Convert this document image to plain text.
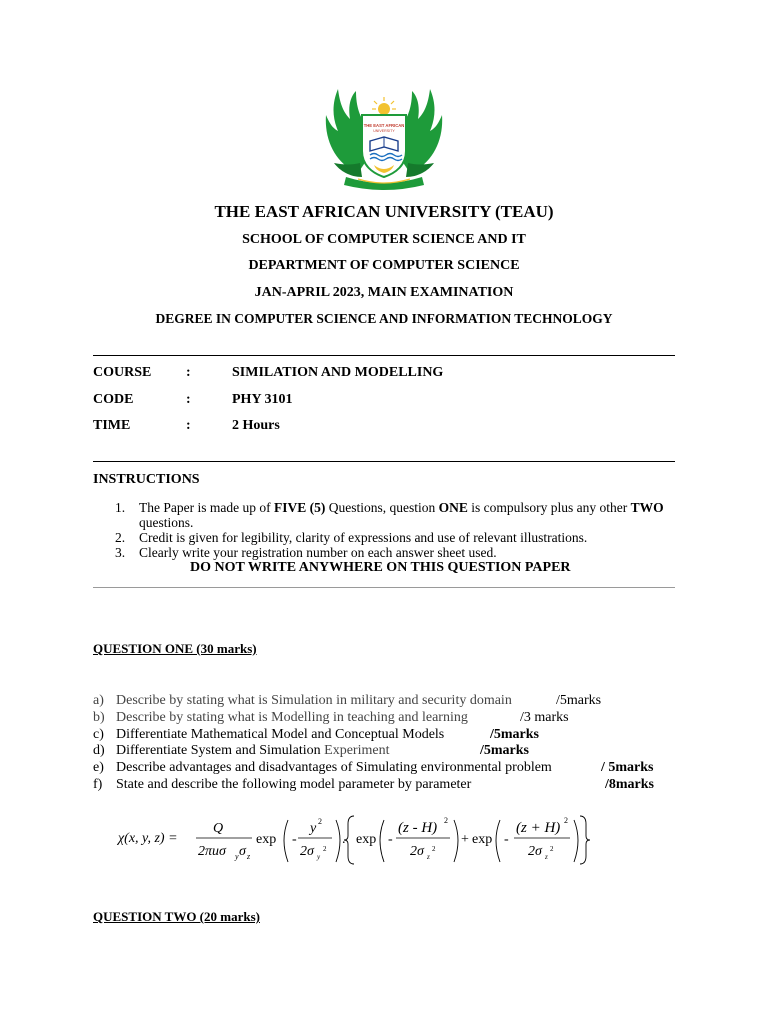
THE EAST AFRICAN
UNIVERSITY
THE EAST AFRICAN UNIVERSITY (TEAU)
SCHOOL OF COMPUTER SCIENCE AND IT
DEPARTMENT OF COMPUTER SCIENCE
JAN-APRIL 2023, MAIN EXAMINATION
DEGREE IN COMPUTER SCIENCE AND INFORMATION TECHNOLOGY
COURSE	:	SIMILATION AND MODELLING
CODE	:	PHY 3101
TIME	:	2 Hours
INSTRUCTIONS
1. The Paper is made up of FIVE (5) Questions, question ONE is compulsory plus any other TWO questions.
2. Credit is given for legibility, clarity of expressions and use of relevant illustrations.
3. Clearly write your registration number on each answer sheet used.
DO NOT WRITE ANYWHERE ON THIS QUESTION PAPER
QUESTION ONE (30 marks)
a) Describe by stating what is Simulation in military and security domain	/5marks
b) Describe by stating what is Modelling in teaching and learning	/3 marks
c) Differentiate Mathematical Model and Conceptual Models	/5marks
d) Differentiate System and Simulation Experiment	/5marks
e) Describe advantages and disadvantages of Simulating environmental problem	/ 5marks
f) State and describe the following model parameter by parameter	/8marks
χ(x, y, z) =
Q
2πuσ y σ z
exp -
y 2
2σ y
2
. exp -
(z - H) 2
2σ z
2
+ exp -
(z + H) 2
2σ z
2
QUESTION TWO (20 marks)
